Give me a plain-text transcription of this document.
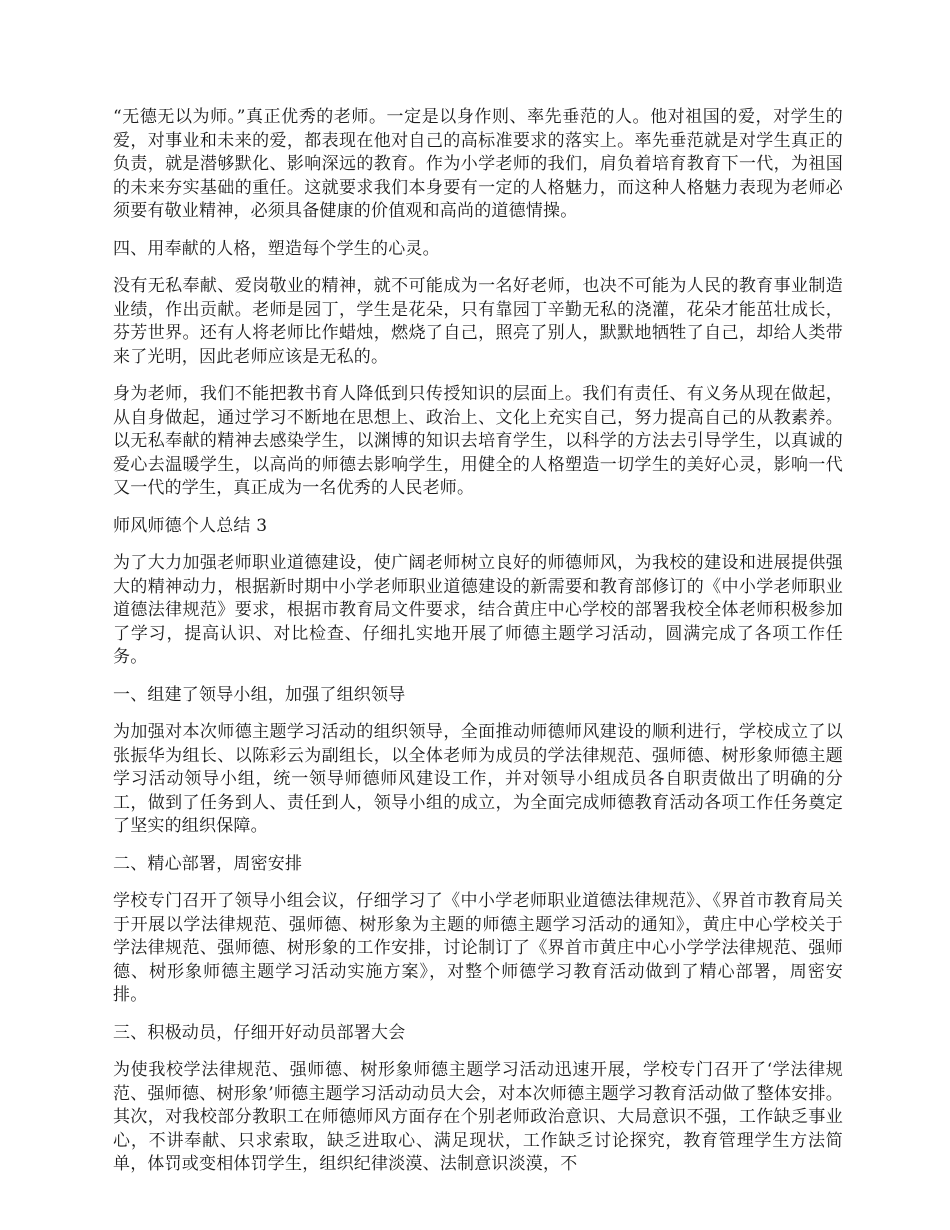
“无德无以为师。”真正优秀的老师。一定是以身作则、率先垂范的人。他对祖国的爱，对学生的爱，对事业和未来的爱，都表现在他对自己的高标准要求的落实上。率先垂范就是对学生真正的负责，就是潜够默化、影响深远的教育。作为小学老师的我们，肩负着培育教育下一代，为祖国的未来夯实基础的重任。这就要求我们本身要有一定的人格魅力，而这种人格魅力表现为老师必须要有敬业精神，必须具备健康的价值观和高尚的道德情操。

四、用奉献的人格，塑造每个学生的心灵。

没有无私奉献、爱岗敬业的精神，就不可能成为一名好老师，也决不可能为人民的教育事业制造业绩，作出贡献。老师是园丁，学生是花朵，只有靠园丁辛勤无私的浇灌，花朵才能茁壮成长，芬芳世界。还有人将老师比作蜡烛，燃烧了自己，照亮了别人，默默地牺牲了自己，却给人类带来了光明，因此老师应该是无私的。

身为老师，我们不能把教书育人降低到只传授知识的层面上。我们有责任、有义务从现在做起，从自身做起，通过学习不断地在思想上、政治上、文化上充实自己，努力提高自己的从教素养。以无私奉献的精神去感染学生，以渊博的知识去培育学生，以科学的方法去引导学生，以真诚的爱心去温暖学生，以高尚的师德去影响学生，用健全的人格塑造一切学生的美好心灵，影响一代又一代的学生，真正成为一名优秀的人民老师。

师风师德个人总结 3

为了大力加强老师职业道德建设，使广阔老师树立良好的师德师风，为我校的建设和进展提供强大的精神动力，根据新时期中小学老师职业道德建设的新需要和教育部修订的《中小学老师职业道德法律规范》要求，根据市教育局文件要求，结合黄庄中心学校的部署我校全体老师积极参加了学习，提高认识、对比检查、仔细扎实地开展了师德主题学习活动，圆满完成了各项工作任务。

一、组建了领导小组，加强了组织领导

为加强对本次师德主题学习活动的组织领导，全面推动师德师风建设的顺利进行，学校成立了以张振华为组长、以陈彩云为副组长，以全体老师为成员的学法律规范、强师德、树形象师德主题学习活动领导小组，统一领导师德师风建设工作，并对领导小组成员各自职责做出了明确的分工，做到了任务到人、责任到人，领导小组的成立，为全面完成师德教育活动各项工作任务奠定了坚实的组织保障。

二、精心部署，周密安排

学校专门召开了领导小组会议，仔细学习了《中小学老师职业道德法律规范》、《界首市教育局关于开展以学法律规范、强师德、树形象为主题的师德主题学习活动的通知》，黄庄中心学校关于学法律规范、强师德、树形象的工作安排，讨论制订了《界首市黄庄中心小学学法律规范、强师德、树形象师德主题学习活动实施方案》，对整个师德学习教育活动做到了精心部署，周密安排。

三、积极动员，仔细开好动员部署大会

为使我校学法律规范、强师德、树形象师德主题学习活动迅速开展，学校专门召开了‘学法律规范、强师德、树形象’师德主题学习活动动员大会，对本次师德主题学习教育活动做了整体安排。其次，对我校部分教职工在师德师风方面存在个别老师政治意识、大局意识不强，工作缺乏事业心，不讲奉献、只求索取，缺乏进取心、满足现状，工作缺乏讨论探究，教育管理学生方法简单，体罚或变相体罚学生，组织纪律淡漠、法制意识淡漠，不
